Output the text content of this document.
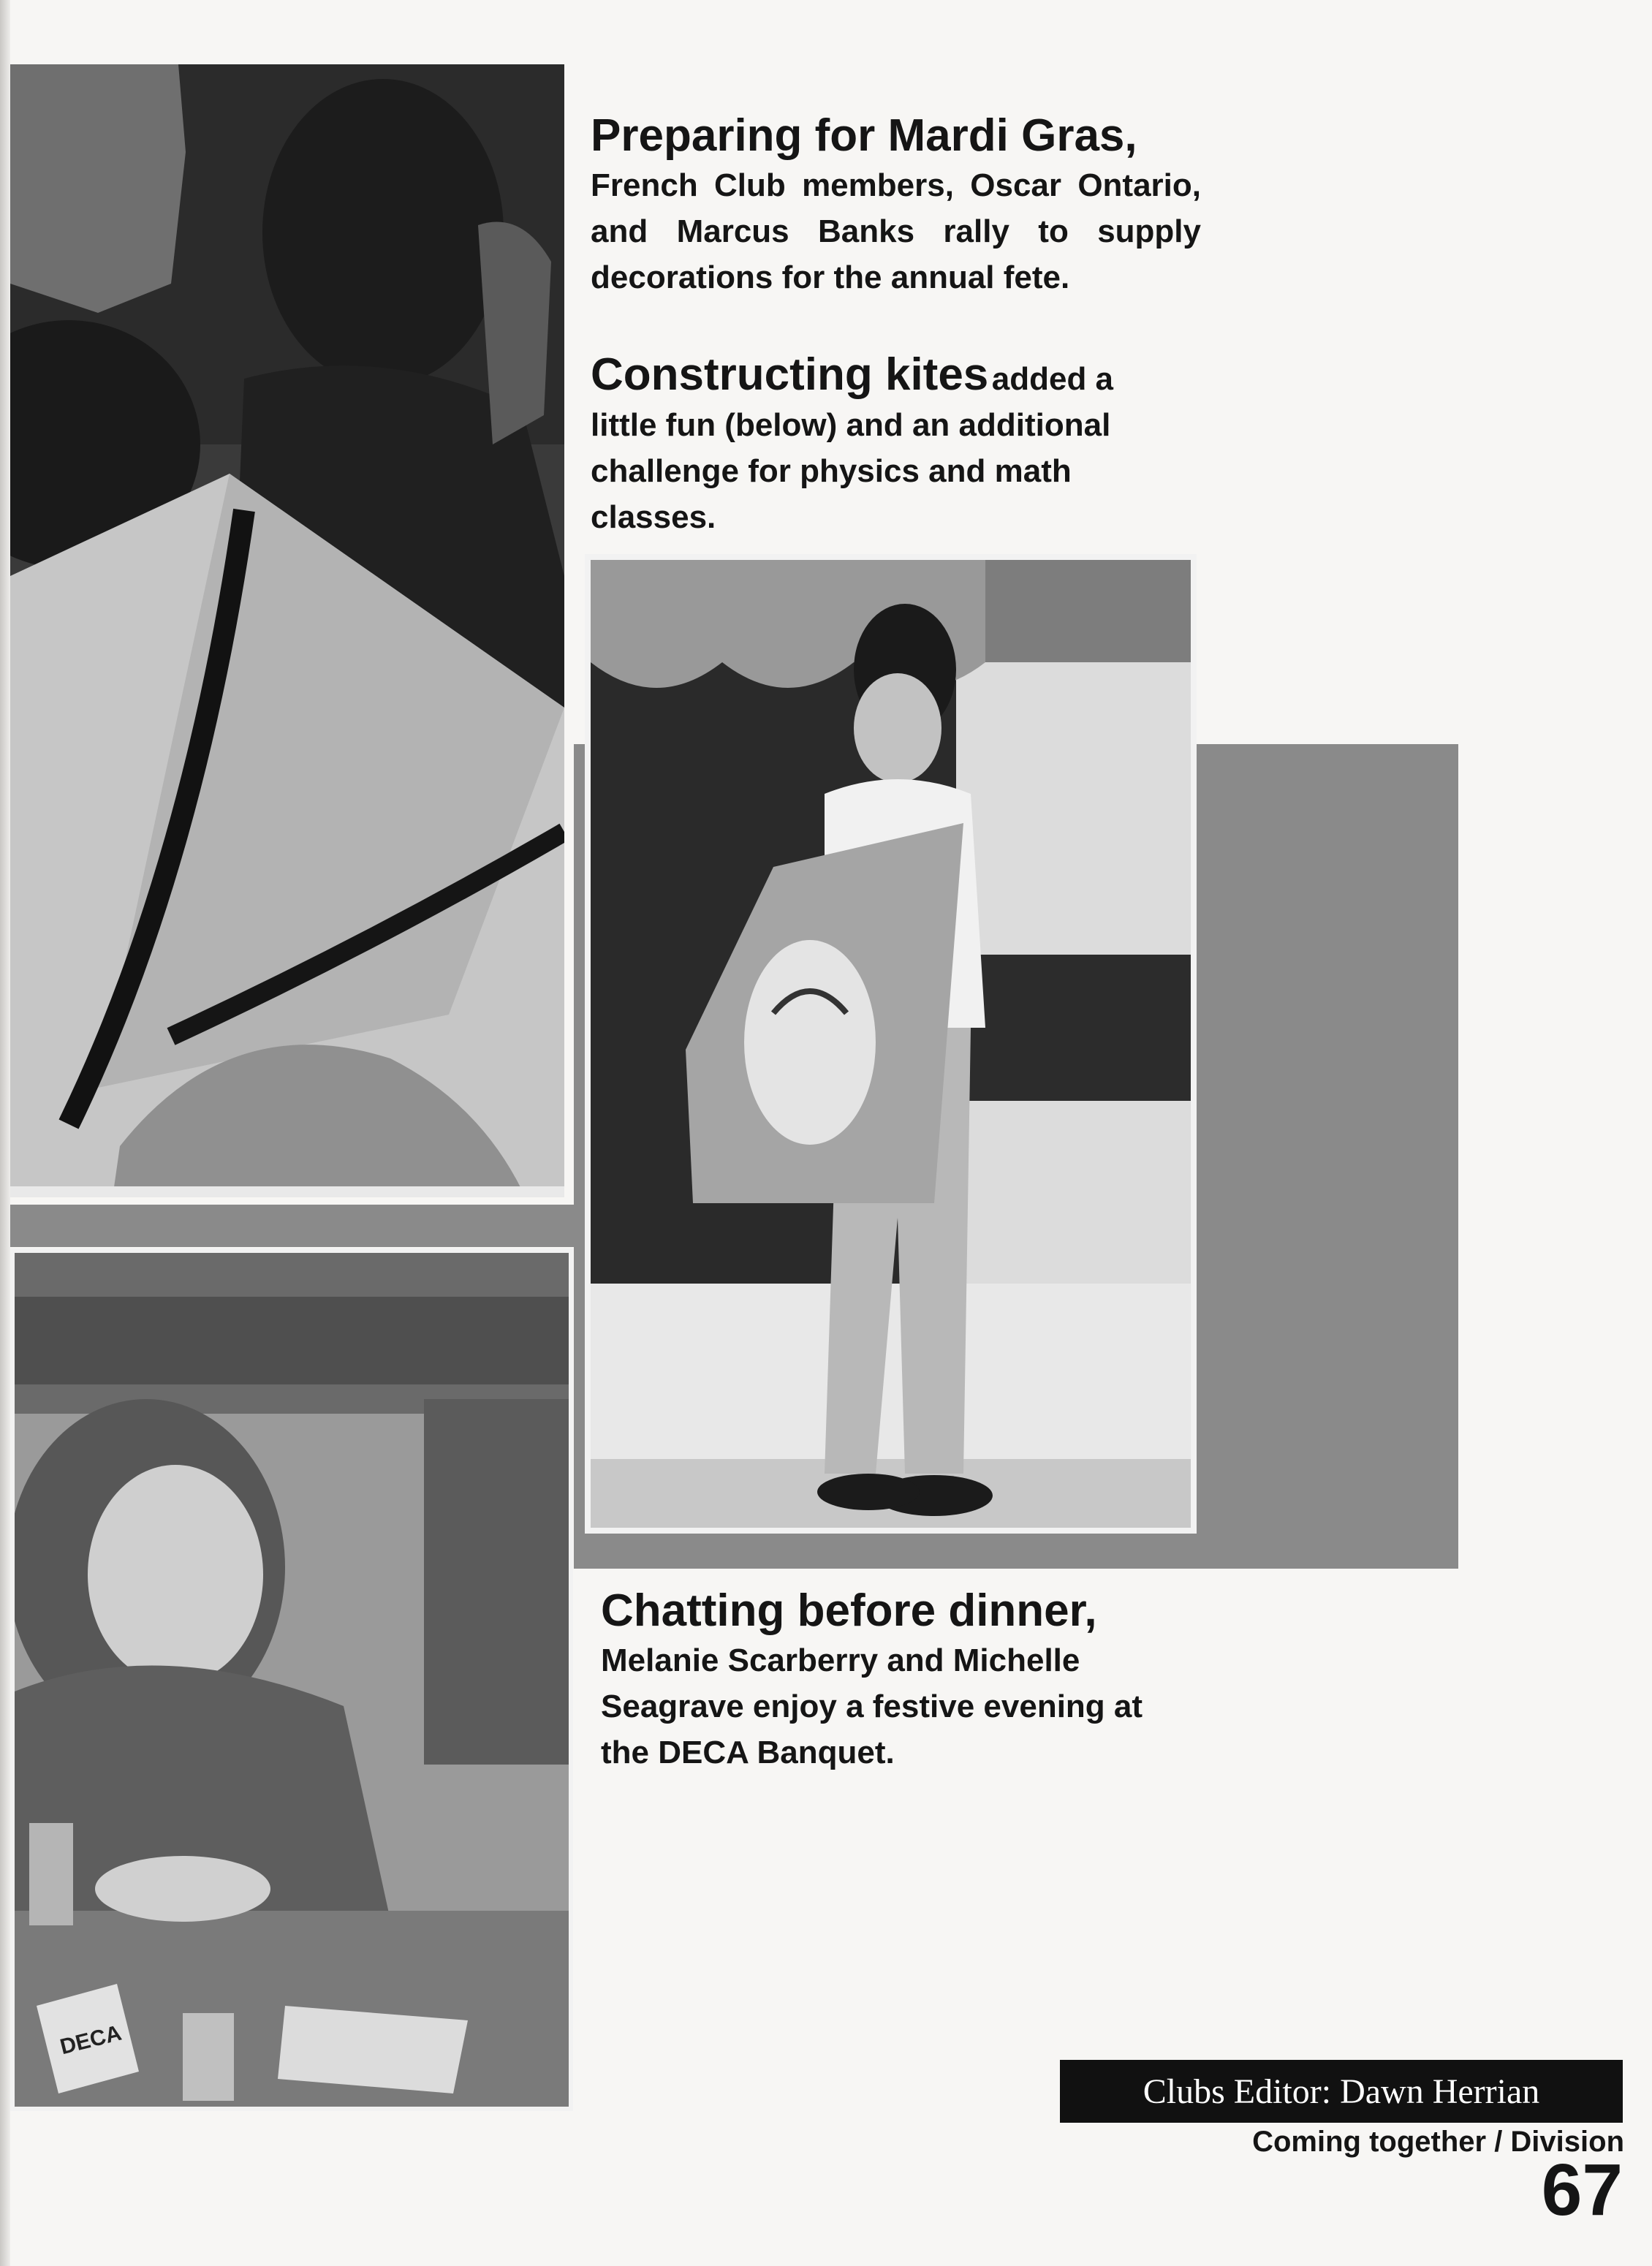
DECA
Preparing for Mardi Gras,
French Club members, Oscar Ontario, and Marcus Banks rally to supply decorations for the annual fete.
Constructing kites added a little fun (below) and an additional challenge for physics and math classes.
Chatting before dinner,
Melanie Scarberry and Michelle Seagrave enjoy a festive evening at the DECA Banquet.
Clubs Editor: Dawn Herrian
Coming together / Division
67
